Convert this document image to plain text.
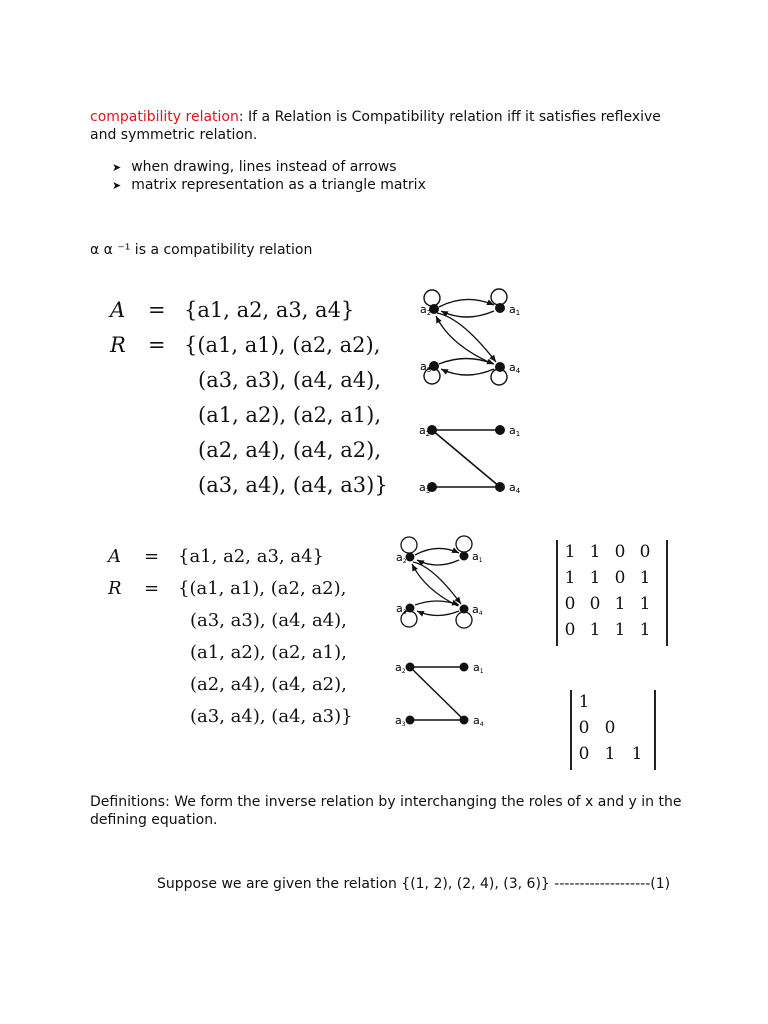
compatibility relation: If a Relation is Compatibility relation iff it satisfies reflexive
and symmetric relation.
➤ when drawing, lines instead of arrows
➤ matrix representation as a triangle matrix
α α ⁻¹ is a compatibility relation
A = {a1, a2, a3, a4}
R = {(a1, a1), (a2, a2),
(a3, a3), (a4, a4),
(a1, a2), (a2, a1),
(a2, a4), (a4, a2),
(a3, a4), (a4, a3)}
A = {a1, a2, a3, a4}
R = {(a1, a1), (a2, a2),
(a3, a3), (a4, a4),
(a1, a2), (a2, a1),
(a2, a4), (a4, a2),
(a3, a4), (a4, a3)}
a2	a1
a3	a4
a2	a1
a3	a4
a2	a1
a3	a4
a2	a1
a3	a4
1 1 0 0
1 1 0 1
0 0 1 1
0 1 1 1
1
0 0
0 1 1
Definitions: We form the inverse relation by interchanging the roles of x and y in the
defining equation.
Suppose we are given the relation {(1, 2), (2, 4), (3, 6)} -------------------(1)
